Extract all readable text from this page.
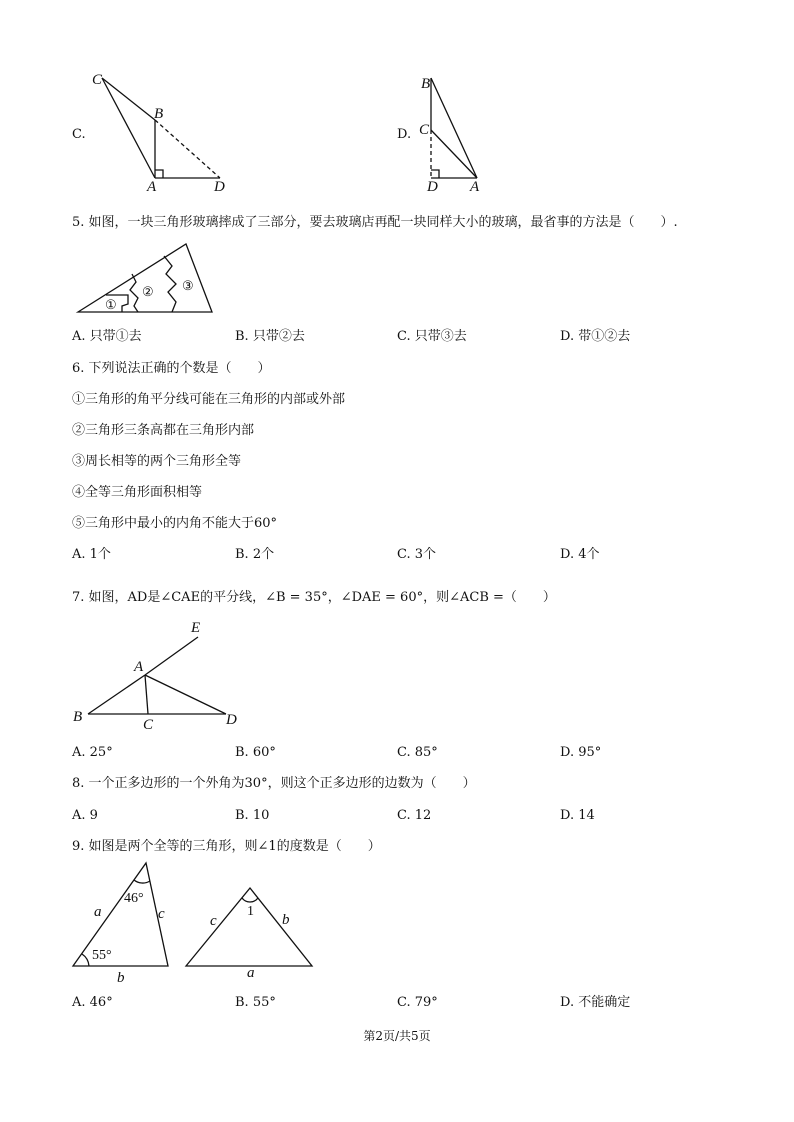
C.
C
B
A	D
D.
B
C
D A
5. 如图，一块三角形玻璃摔成了三部分，要去玻璃店再配一块同样大小的玻璃，最省事的方法是（　　）.
①
② ③
A. 只带①去	B. 只带②去	C. 只带③去	D. 带①②去
6. 下列说法正确的个数是（　　）
①三角形的角平分线可能在三角形的内部或外部
②三角形三条高都在三角形内部
③周长相等的两个三角形全等
④全等三角形面积相等
⑤三角形中最小的内角不能大于60°
A. 1个	B. 2个	C. 3个	D. 4个
7. 如图，AD是∠CAE的平分线，∠B = 35°，∠DAE = 60°，则∠ACB =（　　）
E
A
B	C	D
A. 25°	B. 60°	C. 85°	D. 95°
8. 一个正多边形的一个外角为30°，则这个正多边形的边数为（　　）
A. 9	B. 10	C. 12	D. 14
9. 如图是两个全等的三角形，则∠1的度数是（　　）
46°
55°
a	c
b
1
c	b
a
A. 46°	B. 55°	C. 79°	D. 不能确定
第2页/共5页
